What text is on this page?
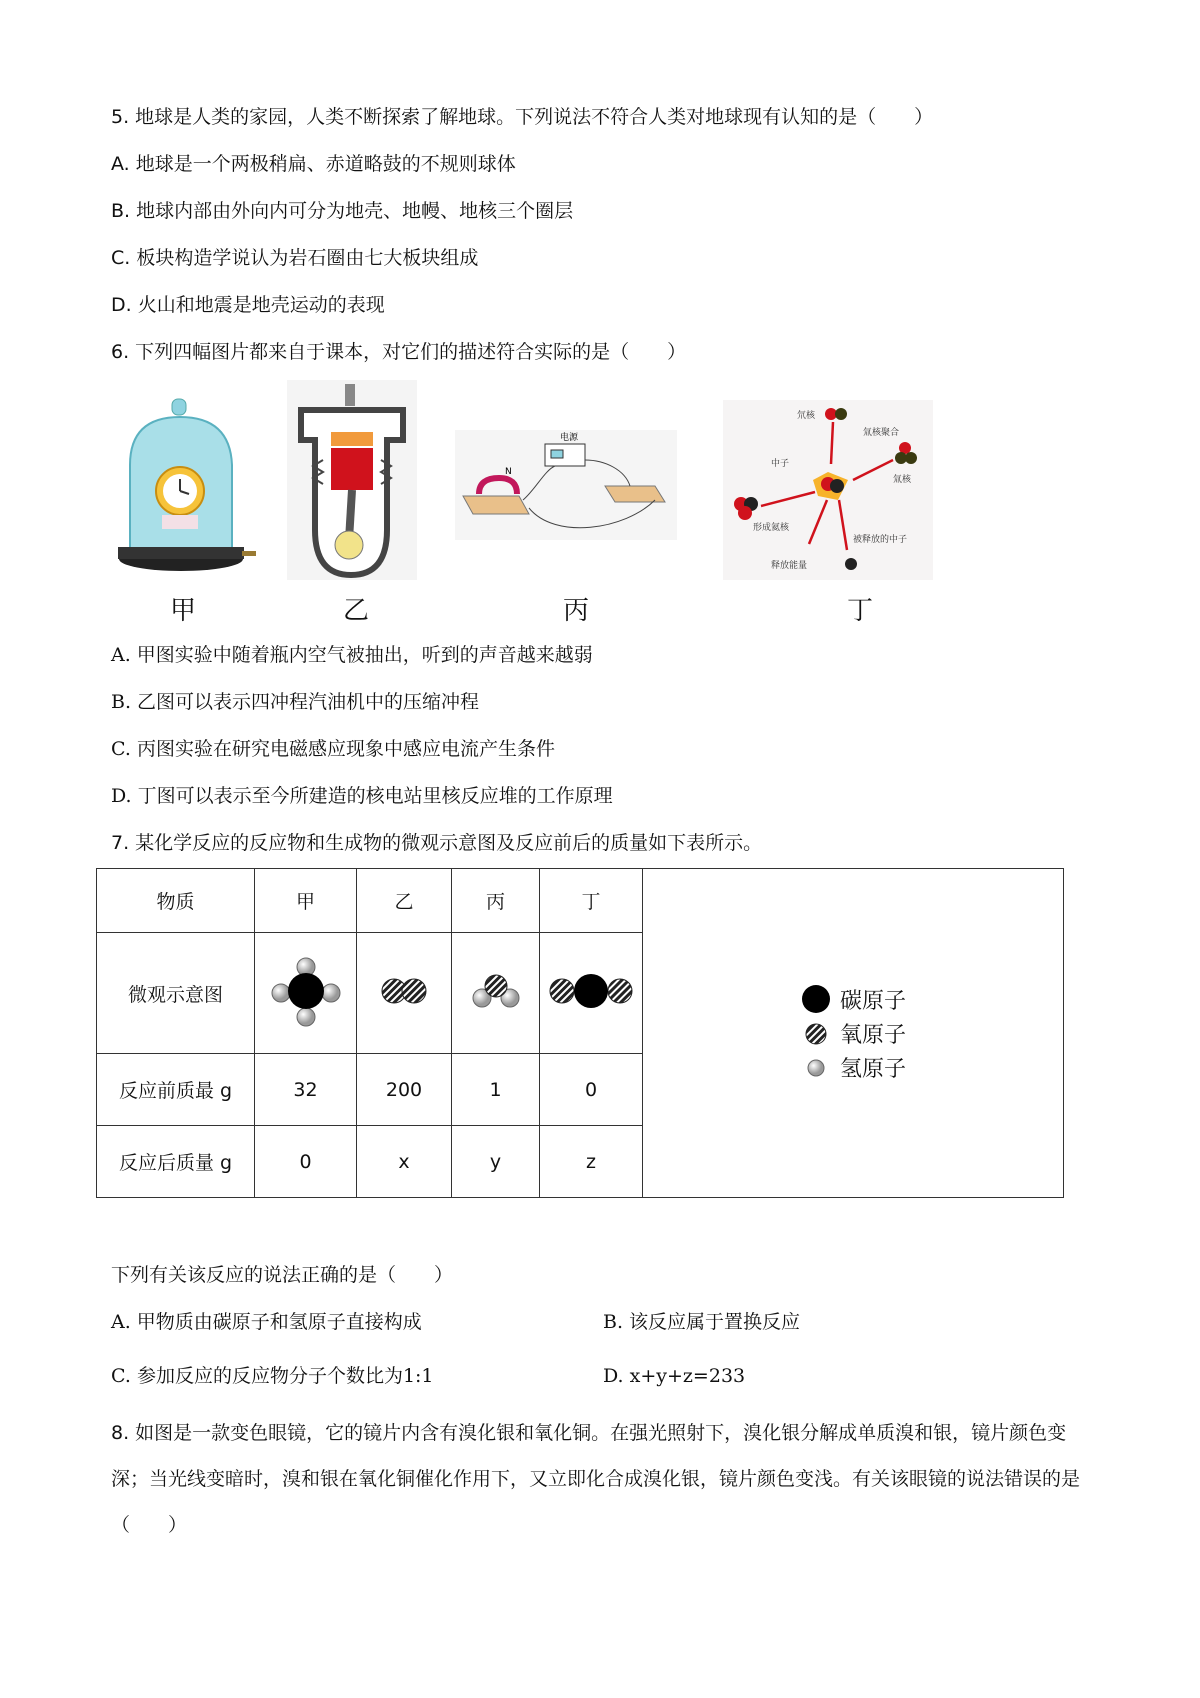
5. 地球是人类的家园，人类不断探索了解地球。下列说法不符合人类对地球现有认知的是（　　）
A. 地球是一个两极稍扁、赤道略鼓的不规则球体
B. 地球内部由外向内可分为地壳、地幔、地核三个圈层
C. 板块构造学说认为岩石圈由七大板块组成
D. 火山和地震是地壳运动的表现
6. 下列四幅图片都来自于课本，对它们的描述符合实际的是（　　）
电源
N
氘核
氚核聚合
中子
氚核
形成氦核
被释放的中子
释放能量
甲	乙	丙	丁
A. 甲图实验中随着瓶内空气被抽出，听到的声音越来越弱
B. 乙图可以表示四冲程汽油机中的压缩冲程
C. 丙图实验在研究电磁感应现象中感应电流产生条件
D. 丁图可以表示至今所建造的核电站里核反应堆的工作原理
7. 某化学反应的反应物和生成物的微观示意图及反应前后的质量如下表所示。
物质	甲	乙	丙	丁	碳原子
氧原子
氢原子

微观示意图				
反应前质最 g	32	200	1	0	
反应后质量 g	0	x	y	z	
下列有关该反应的说法正确的是（　　）
A. 甲物质由碳原子和氢原子直接构成	B. 该反应属于置换反应
C. 参加反应的反应物分子个数比为1:1	D. x+y+z=233
8. 如图是一款变色眼镜，它的镜片内含有溴化银和氧化铜。在强光照射下，溴化银分解成单质溴和银，镜片颜色变深；当光线变暗时，溴和银在氧化铜催化作用下，又立即化合成溴化银，镜片颜色变浅。有关该眼镜的说法错误的是（　　）
